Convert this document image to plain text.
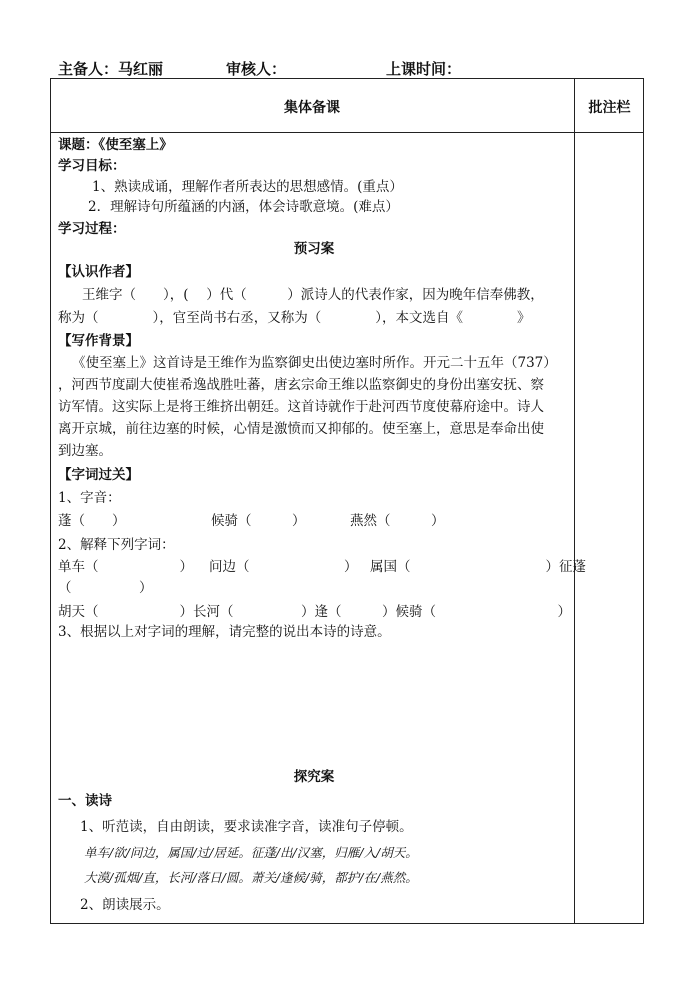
主备人：马红丽	审核人：	上课时间：
集体备课	批注栏
课题：《使至塞上》
学习目标：
1、熟读成诵，理解作者所表达的思想感情。(重点）
2．理解诗句所蕴涵的内涵，体会诗歌意境。(难点）
学习过程：
预习案
【认识作者】
王维字（　　），(　 ）代（　　　）派诗人的代表作家，因为晚年信奉佛教，
称为（　　　　），官至尚书右丞，又称为（　　　　），本文选自《　　　　》
【写作背景】
《使至塞上》这首诗是王维作为监察御史出使边塞时所作。开元二十五年（737）
，河西节度副大使崔希逸战胜吐蕃，唐玄宗命王维以监察御史的身份出塞安抚、察
访军情。这实际上是将王维挤出朝廷。这首诗就作于赴河西节度使幕府途中。诗人
离开京城，前往边塞的时候，心情是激愤而又抑郁的。使至塞上，意思是奉命出使
到边塞。
【字词过关】
1、字音：
蓬（　　）	候骑（　　　）	燕然（　　　）
2、解释下列字词：
单车（　　　　　　） 问边（　　　　　　　） 属国（　　　　　　　　　　）征蓬
（　　　　　）
胡天（　　　　　　）长河（　　　　　）逢（　　　）候骑（　　　　　　　　　）
3、根据以上对字词的理解，请完整的说出本诗的诗意。
探究案
一、读诗
1、听范读，自由朗读，要求读准字音，读准句子停顿。
单车/欲/问边，属国/过/居延。征蓬/出/汉塞，归雁/入/胡天。
大漠/孤烟/直，长河/落日/圆。萧关/逢候/骑，都护/在/燕然。
2、朗读展示。
